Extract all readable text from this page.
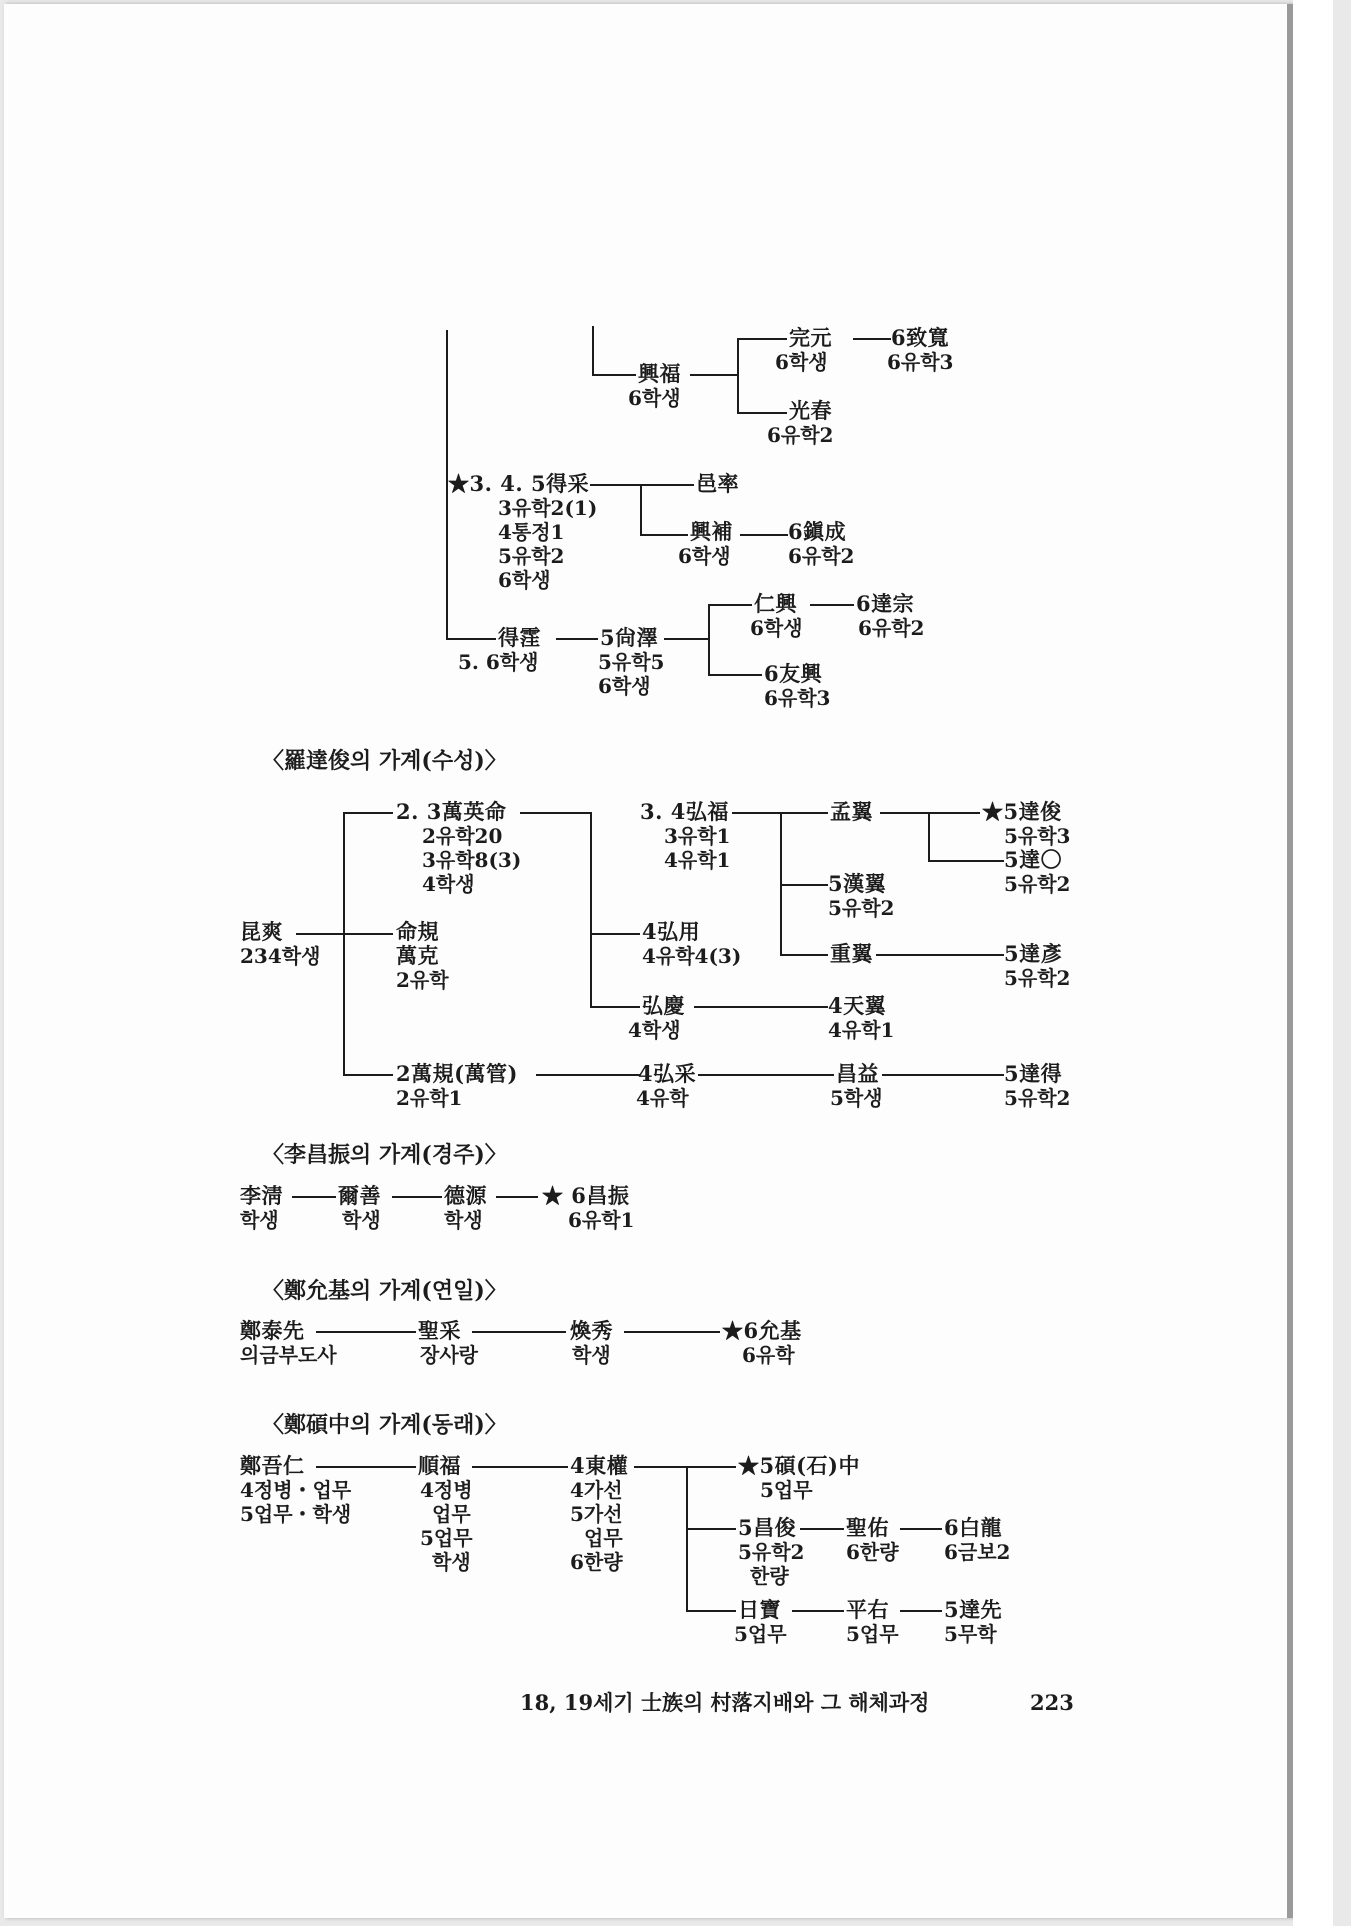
完元
6학생
6致寬
6유학3
興福
6학생	光春
6유학2
★3. 4. 5得采
3유학2(1)
4통정1
5유학2
6학생
邑率
興補
6학생
6鎭成
6유학2
得霔
5. 6학생
5尙澤
5유학5
6학생
仁興
6학생
6達宗
6유학2
6友興
6유학3
〈羅達俊의 가계(수성)〉
昆爽
234학생
2. 3萬英命
2유학20
3유학8(3)
4학생
命規
萬克
2유학
2萬規(萬管)
2유학1
3. 4弘福
3유학1
4유학1
4弘用
4유학4(3)
弘慶
4학생
4弘采
4유학
孟翼
5漢翼
5유학2
重翼
4天翼
4유학1
昌益
5학생
★5達俊
5유학3
5達〇
5유학2
5達彥
5유학2
5達得
5유학2
〈李昌振의 가계(경주)〉
李淸
학생
爾善
학생
德源
학생
★ 6昌振
6유학1
〈鄭允基의 가계(연일)〉
鄭泰先
의금부도사
聖采
장사랑
煥秀
학생
★6允基
6유학
〈鄭碩中의 가계(동래)〉
鄭吾仁
4정병・업무
5업무・학생
順福
4정병
업무
5업무
학생
4東權
4가선
5가선
업무
6한량
★5碩(石)中
5업무
5昌俊
5유학2
한량
聖佑
6한량
6白龍
6금보2
日寶
5업무
平右
5업무
5達先
5무학
18, 19세기 士族의 村落지배와 그 해체과정	223
